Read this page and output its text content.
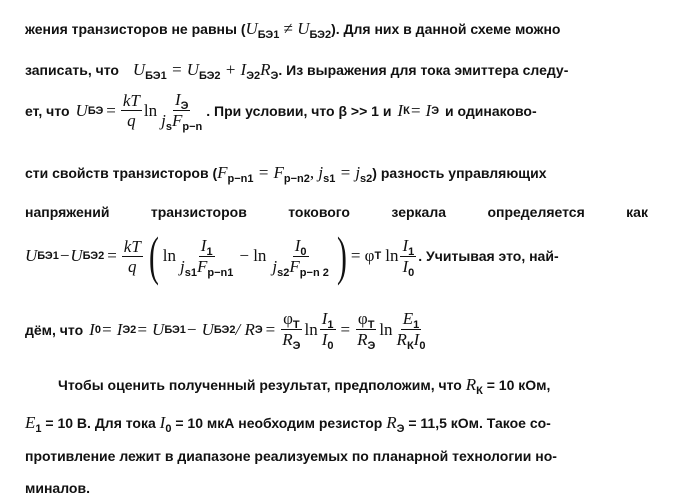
жения транзисторов не равны $(U_{БЭ1} \ne U_{БЭ2})$. Для них в данной схеме можно
записать, что $U_{БЭ1} = U_{БЭ2} + I_{Э2}R_Э$. Из выражения для тока эмиттера следу-
ет, что U БЭ = $\frac{kT}{q}$ $\ln \frac{I_Э}{j_sF_{p-n}}$ . При условии, что β >> 1 и I К = I Э и одинаково-
сти свойств транзисторов ($F_{p-n1} = F_{p-n2}$, $j_{s1} = j_{s2}$) разность управляющих
напряжений	транзисторов	токового	зеркала	определяется	как
U БЭ1 −U $БЭ2 = \frac{kT}{q}$ ( $\ln \frac{I_1}{j_{s1}F_{p-n1}} - \ln \frac{I_0}{j_{s2}F_{p-n 2}}$ ) = φ T $\ln \frac{I_1}{I_0}$ . Учитывая это, най-
дём, что I 0 = I Э2 = U БЭ1 − U БЭ2 / R $Э = \frac{\varphi_T}{R_Э}$ $\ln \frac{I_1}{I_0} = \frac{\varphi_T}{R_Э}$ $\ln \frac{E_1}{R_КI_0}$
Чтобы оценить полученный результат, предположим, что $R_К = 10$ кОм,
$E_1 = 10$ В. Для тока $I_0 = 10$ мкА необходим резистор $R_Э = 11,5$ кОм. Такое со-
противление лежит в диапазоне реализуемых по планарной технологии но-
миналов.
